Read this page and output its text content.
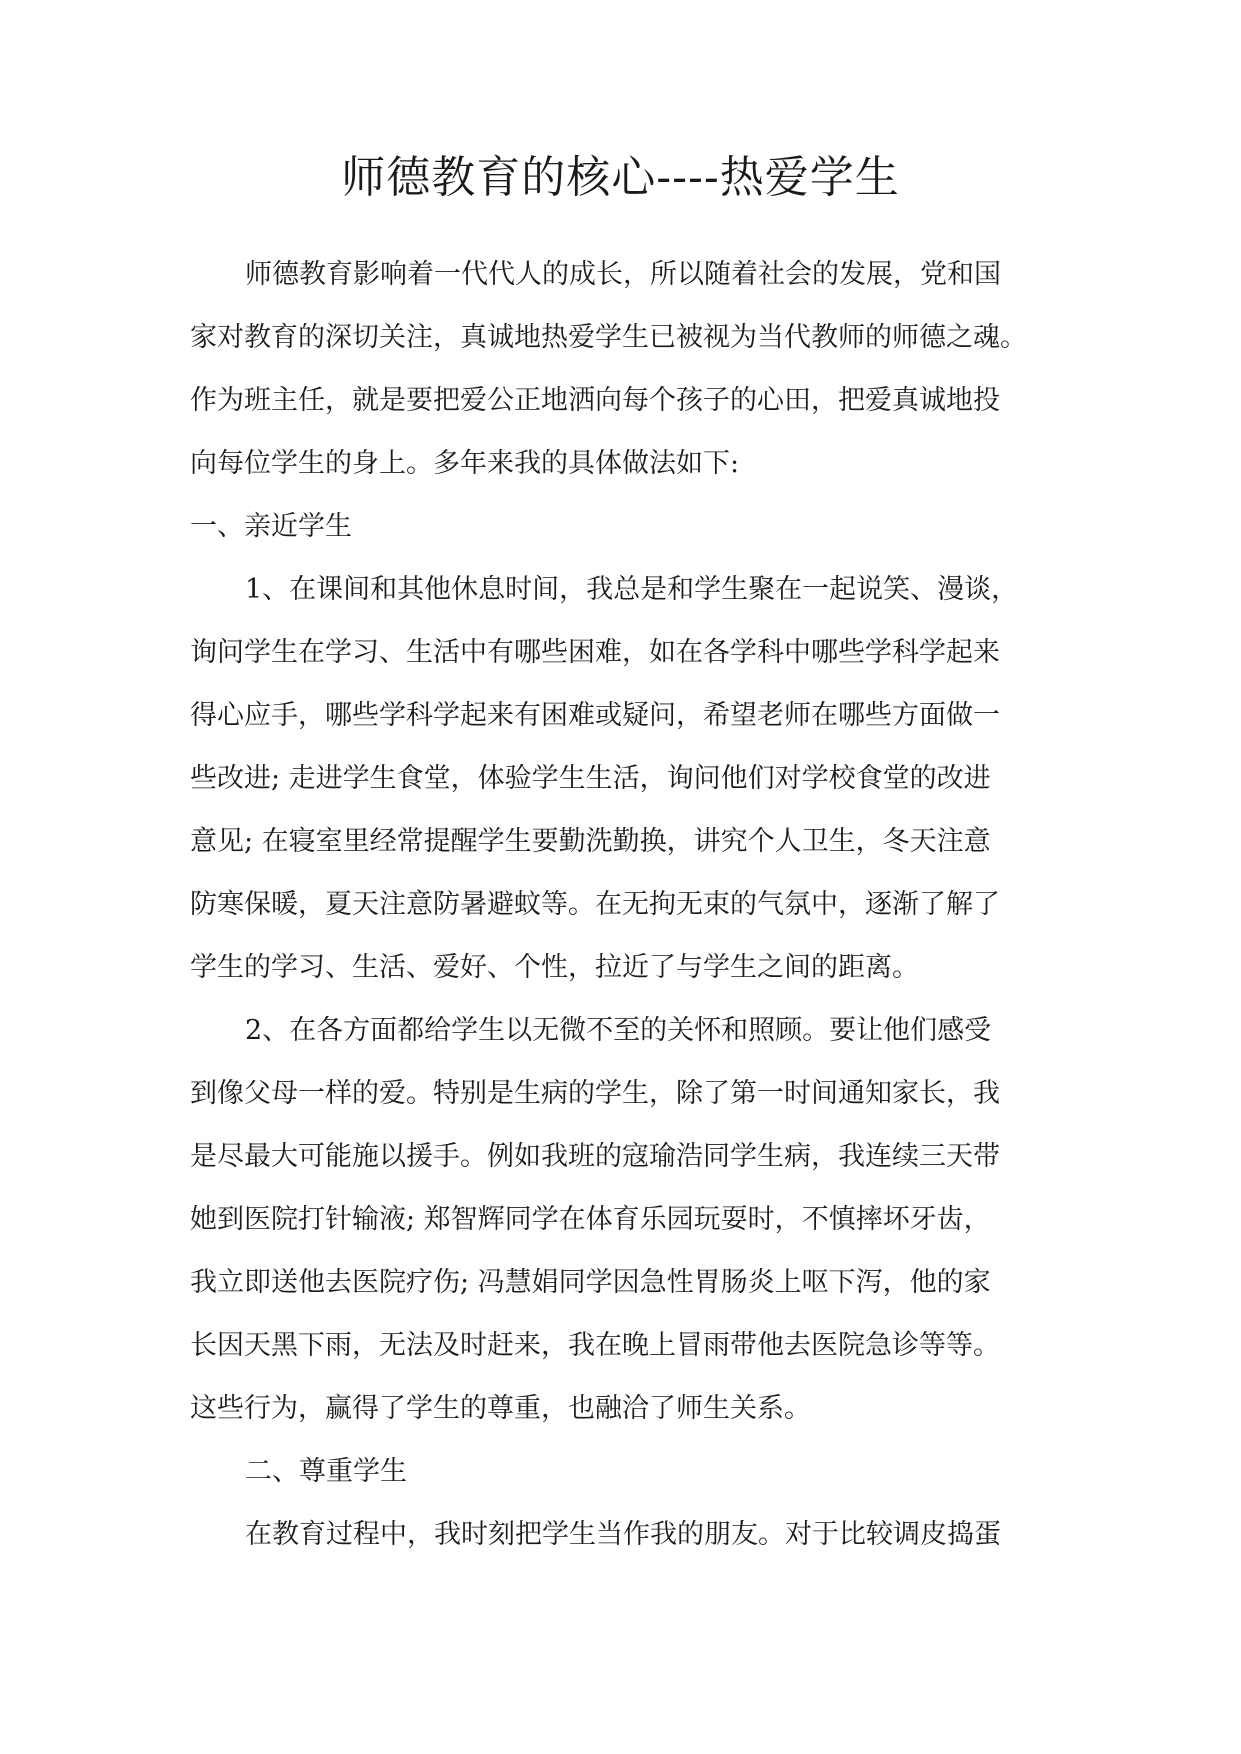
师德教育的核心----热爱学生
师德教育影响着一代代人的成长，所以随着社会的发展，党和国
家对教育的深切关注，真诚地热爱学生已被视为当代教师的师德之魂。
作为班主任，就是要把爱公正地洒向每个孩子的心田，把爱真诚地投
向每位学生的身上。多年来我的具体做法如下:
一、亲近学生
1、在课间和其他休息时间，我总是和学生聚在一起说笑、漫谈，
询问学生在学习、生活中有哪些困难，如在各学科中哪些学科学起来
得心应手，哪些学科学起来有困难或疑问，希望老师在哪些方面做一
些改进; 走进学生食堂，体验学生生活，询问他们对学校食堂的改进
意见; 在寝室里经常提醒学生要勤洗勤换，讲究个人卫生，冬天注意
防寒保暖，夏天注意防暑避蚊等。在无拘无束的气氛中，逐渐了解了
学生的学习、生活、爱好、个性，拉近了与学生之间的距离。
2、在各方面都给学生以无微不至的关怀和照顾。要让他们感受
到像父母一样的爱。特别是生病的学生，除了第一时间通知家长，我
是尽最大可能施以援手。例如我班的寇瑜浩同学生病，我连续三天带
她到医院打针输液; 郑智辉同学在体育乐园玩耍时，不慎摔坏牙齿，
我立即送他去医院疗伤; 冯慧娟同学因急性胃肠炎上呕下泻，他的家
长因天黑下雨，无法及时赶来，我在晚上冒雨带他去医院急诊等等。
这些行为，赢得了学生的尊重，也融洽了师生关系。
二、尊重学生
在教育过程中，我时刻把学生当作我的朋友。对于比较调皮捣蛋
